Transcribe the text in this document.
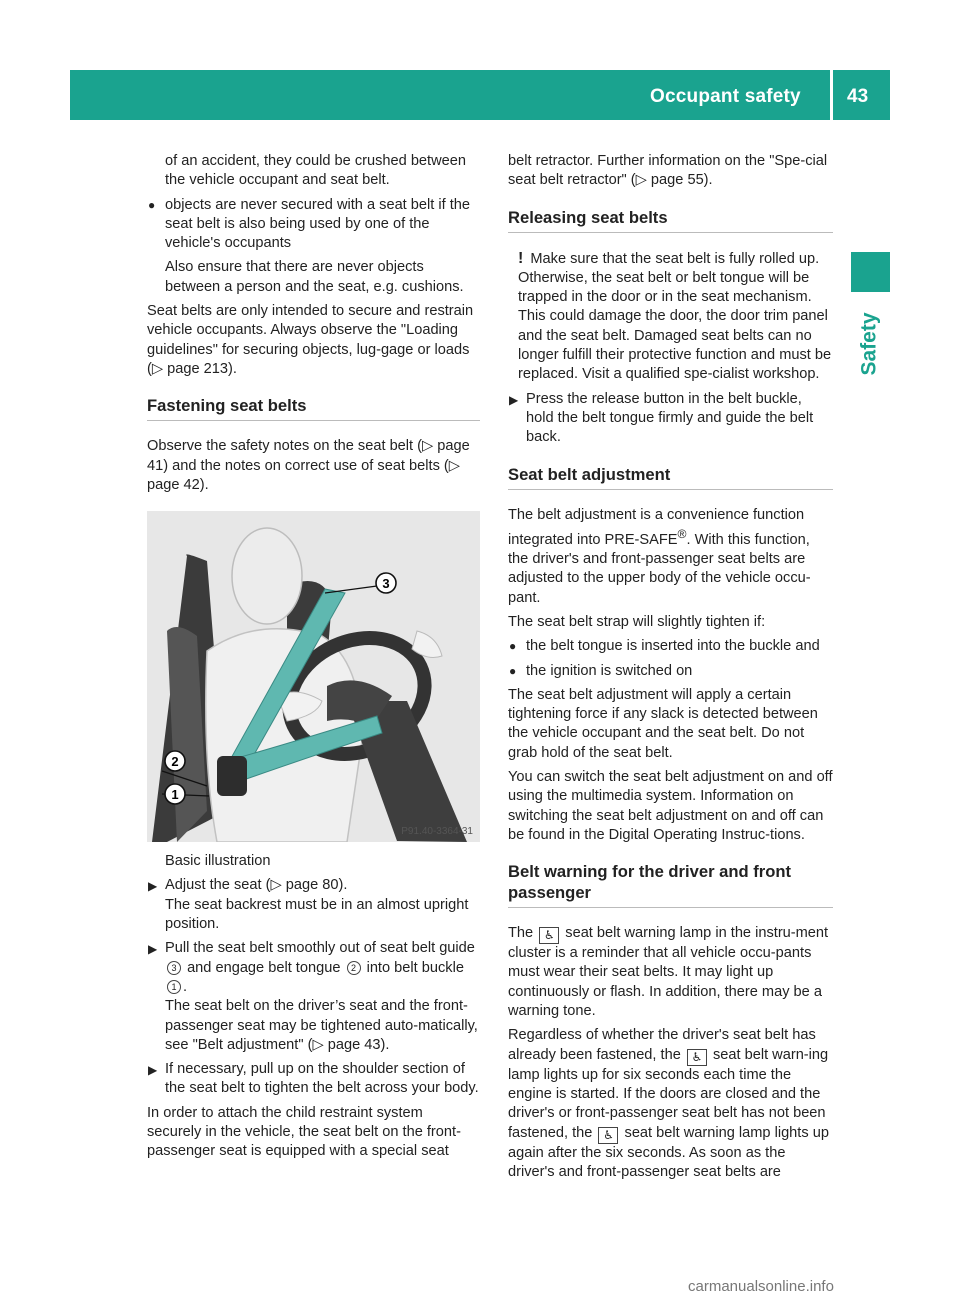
Occupant safety 43
Safety

of an accident, they could be crushed between the vehicle occupant and seat belt.

● objects are never secured with a seat belt if the seat belt is also being used by one of the vehicle's occupants

Also ensure that there are never objects between a person and the seat, e.g. cushions.

Seat belts are only intended to secure and restrain vehicle occupants. Always observe the "Loading guidelines" for securing objects, lug-gage or loads (▷ page 213).

Fastening seat belts

Observe the safety notes on the seat belt (▷ page 41) and the notes on correct use of seat belts (▷ page 42).

3
2
1
P91.40-3364-31

Basic illustration

▶ Adjust the seat (▷ page 80).
The seat backrest must be in an almost upright position.
▶ Pull the seat belt smoothly out of seat belt guide 3 and engage belt tongue 2 into belt buckle 1 .
The seat belt on the driver’s seat and the front-passenger seat may be tightened auto-matically, see "Belt adjustment" (▷ page 43).
▶ If necessary, pull up on the shoulder section of the seat belt to tighten the belt across your body.

In order to attach the child restraint system securely in the vehicle, the seat belt on the front-passenger seat is equipped with a special seat

belt retractor. Further information on the "Spe-cial seat belt retractor" (▷ page 55).

Releasing seat belts
! Make sure that the seat belt is fully rolled up. Otherwise, the seat belt or belt tongue will be trapped in the door or in the seat mechanism. This could damage the door, the door trim panel and the seat belt. Damaged seat belts can no longer fulfill their protective function and must be replaced. Visit a qualified spe-cialist workshop.
▶ Press the release button in the belt buckle, hold the belt tongue firmly and guide the belt back.
Seat belt adjustment

The belt adjustment is a convenience function integrated into PRE-SAFE®. With this function, the driver's and front-passenger seat belts are adjusted to the upper body of the vehicle occu-pant.

The seat belt strap will slightly tighten if:

● the belt tongue is inserted into the buckle and
● the ignition is switched on

The seat belt adjustment will apply a certain tightening force if any slack is detected between the vehicle occupant and the seat belt. Do not grab hold of the seat belt.

You can switch the seat belt adjustment on and off using the multimedia system. Information on switching the seat belt adjustment on and off can be found in the Digital Operating Instruc-tions.

Belt warning for the driver and front passenger

The ♿ seat belt warning lamp in the instru-ment cluster is a reminder that all vehicle occu-pants must wear their seat belts. It may light up continuously or flash. In addition, there may be a warning tone.

Regardless of whether the driver's seat belt has already been fastened, the ♿ seat belt warn-ing lamp lights up for six seconds each time the engine is started. If the doors are closed and the driver's or front-passenger seat belt has not been fastened, the ♿ seat belt warning lamp lights up again after the six seconds. As soon as the driver's and front-passenger seat belts are

carmanualsonline.info
